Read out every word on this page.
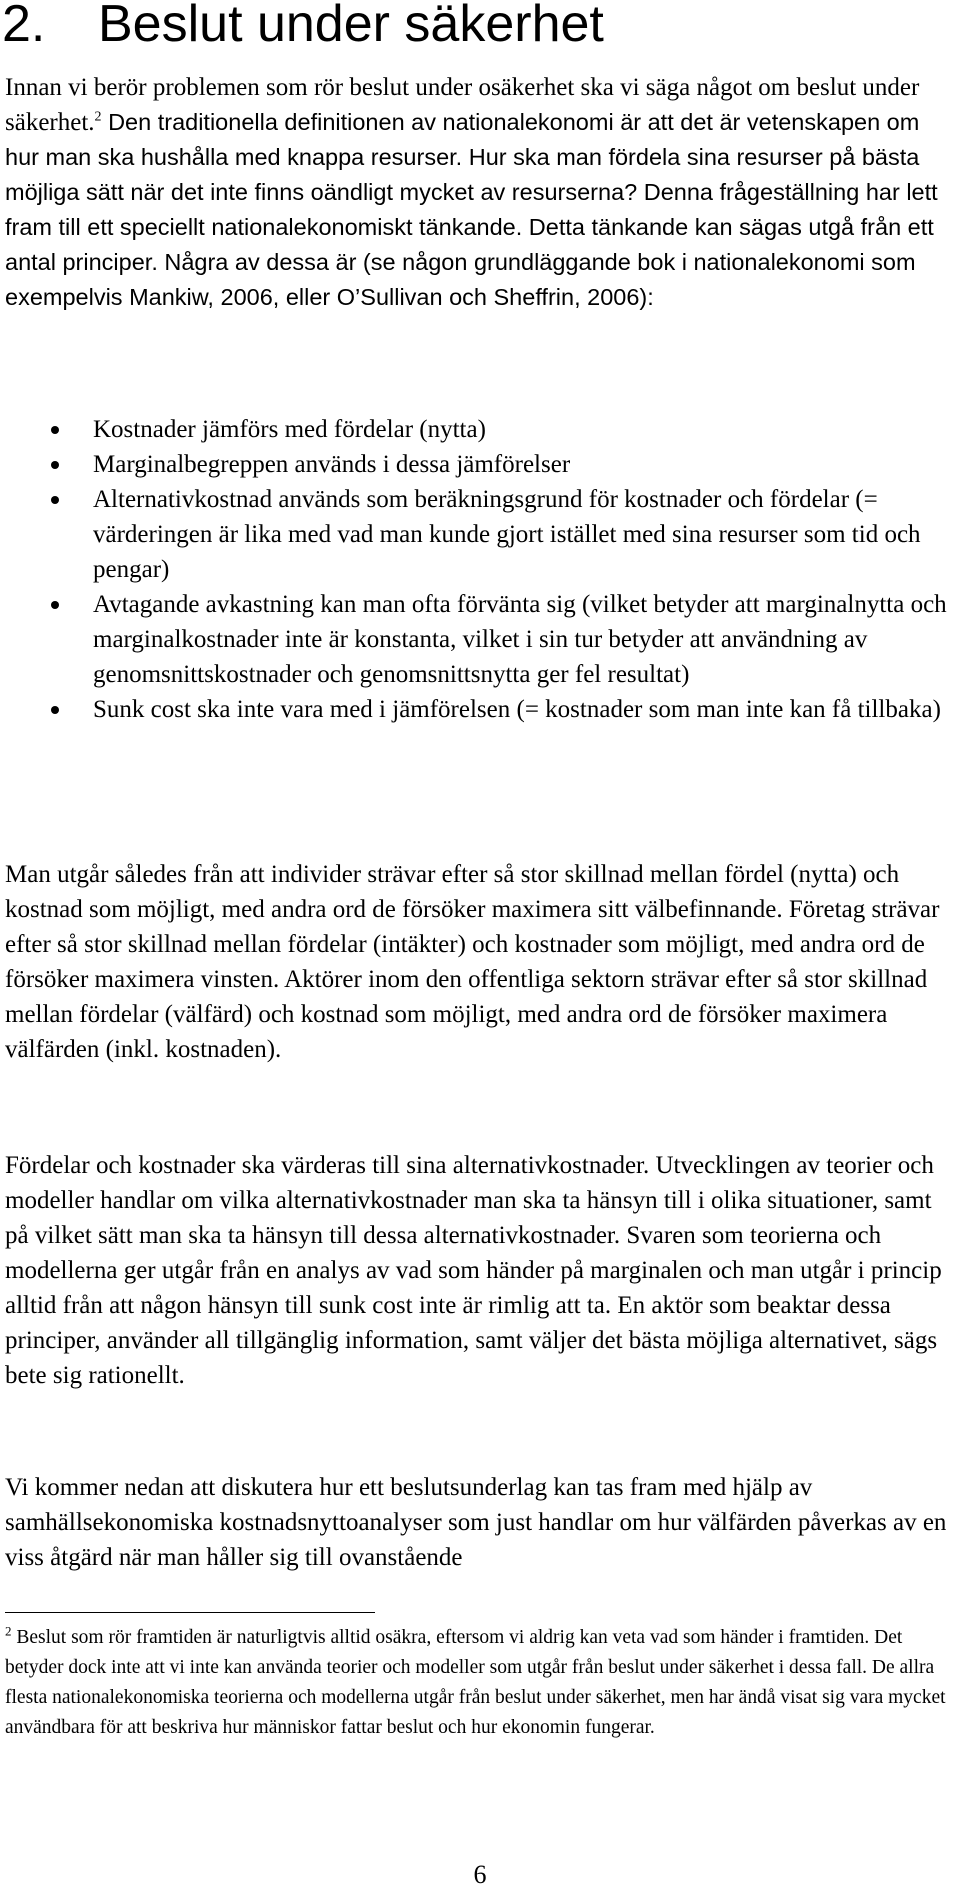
2. Beslut under säkerhet

Innan vi berör problemen som rör beslut under osäkerhet ska vi säga något om beslut under säkerhet.$^2$ Den traditionella definitionen av nationalekonomi är att det är vetenskapen om hur man ska hushålla med knappa resurser. Hur ska man fördela sina resurser på bästa möjliga sätt när det inte finns oändligt mycket av resurserna? Denna frågeställning har lett fram till ett speciellt nationalekonomiskt tänkande. Detta tänkande kan sägas utgå från ett antal principer. Några av dessa är (se någon grundläggande bok i nationalekonomi som exempelvis Mankiw, 2006, eller O’Sullivan och Sheffrin, 2006):

Kostnader jämförs med fördelar (nytta)
Marginalbegreppen används i dessa jämförelser
Alternativkostnad används som beräkningsgrund för kostnader och fördelar (= värderingen är lika med vad man kunde gjort istället med sina resurser som tid och pengar)
Avtagande avkastning kan man ofta förvänta sig (vilket betyder att marginalnytta och marginalkostnader inte är konstanta, vilket i sin tur betyder att användning av genomsnittskostnader och genomsnittsnytta ger fel resultat)
Sunk cost ska inte vara med i jämförelsen (= kostnader som man inte kan få tillbaka)

Man utgår således från att individer strävar efter så stor skillnad mellan fördel (nytta) och kostnad som möjligt, med andra ord de försöker maximera sitt välbefinnande. Företag strävar efter så stor skillnad mellan fördelar (intäkter) och kostnader som möjligt, med andra ord de försöker maximera vinsten. Aktörer inom den offentliga sektorn strävar efter så stor skillnad mellan fördelar (välfärd) och kostnad som möjligt, med andra ord de försöker maximera välfärden (inkl. kostnaden).

Fördelar och kostnader ska värderas till sina alternativkostnader. Utvecklingen av teorier och modeller handlar om vilka alternativkostnader man ska ta hänsyn till i olika situationer, samt på vilket sätt man ska ta hänsyn till dessa alternativkostnader. Svaren som teorierna och modellerna ger utgår från en analys av vad som händer på marginalen och man utgår i princip alltid från att någon hänsyn till sunk cost inte är rimlig att ta. En aktör som beaktar dessa principer, använder all tillgänglig information, samt väljer det bästa möjliga alternativet, sägs bete sig rationellt.

Vi kommer nedan att diskutera hur ett beslutsunderlag kan tas fram med hjälp av samhällsekonomiska kostnadsnyttoanalyser som just handlar om hur välfärden påverkas av en viss åtgärd när man håller sig till ovanstående

$^2$ Beslut som rör framtiden är naturligtvis alltid osäkra, eftersom vi aldrig kan veta vad som händer i framtiden. Det betyder dock inte att vi inte kan använda teorier och modeller som utgår från beslut under säkerhet i dessa fall. De allra flesta nationalekonomiska teorierna och modellerna utgår från beslut under säkerhet, men har ändå visat sig vara mycket användbara för att beskriva hur människor fattar beslut och hur ekonomin fungerar.

6
